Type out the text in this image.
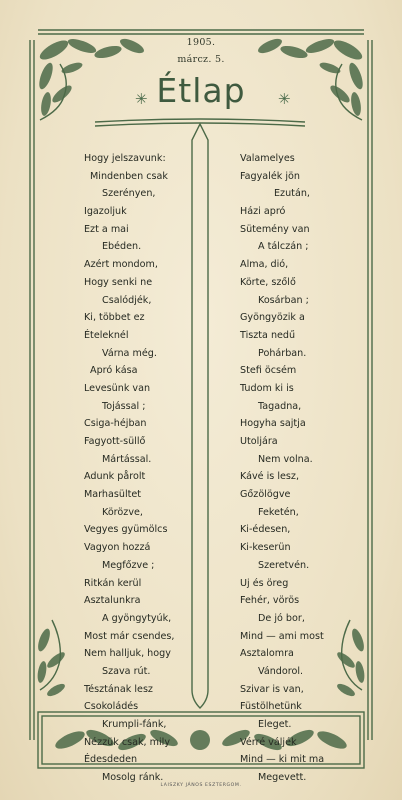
1905.
márcz. 5.
✳ Étlap	✳
Hogy jelszavunk:
Mindenben csak
Szerényen,
Igazoljuk
Ezt a mai
Ebéden.
Azért mondom,
Hogy senki ne
Csalódjék,
Ki, többet ez
Ételeknél
Várna még.
Apró kása
Levesünk van
Tojással ;
Csiga-héjban
Fagyott-süllő
Mártással.
Adunk pårolt
Marhasültet
Körözve,
Vegyes gyümölcs
Vagyon hozzá
Megfőzve ;
Ritkán kerül
Asztalunkra
A gyöngytyúk,
Most már csendes,
Nem halljuk, hogy
Szava rút.
Tésztának lesz
Csokoládés
Krumpli-fánk,
Nézzük csak, mily
Édesdeden
Mosolg ránk.
Valamelyes
Fagyalék jön
Ezután,
Házi apró
Sütemény van
A tálczán ;
Alma, dió,
Körte, szőlő
Kosárban ;
Gyöngyözik a
Tiszta nedű
Pohárban.
Stefi öcsém
Tudom ki is
Tagadna,
Hogyha sajtja
Utoljára
Nem volna.
Kávé is lesz,
Gőzölögve
Feketén,
Ki-édesen,
Ki-keserün
Szeretvén.
Uj és öreg
Fehér, vörös
De jó bor,
Mind — ami most
Asztalomra
Vándorol.
Szivar is van,
Füstölhetünk
Eleget.
Vérré váljék
Mind — ki mit ma
Megevett.
LAISZKY JÁNOS ESZTERGOM.
